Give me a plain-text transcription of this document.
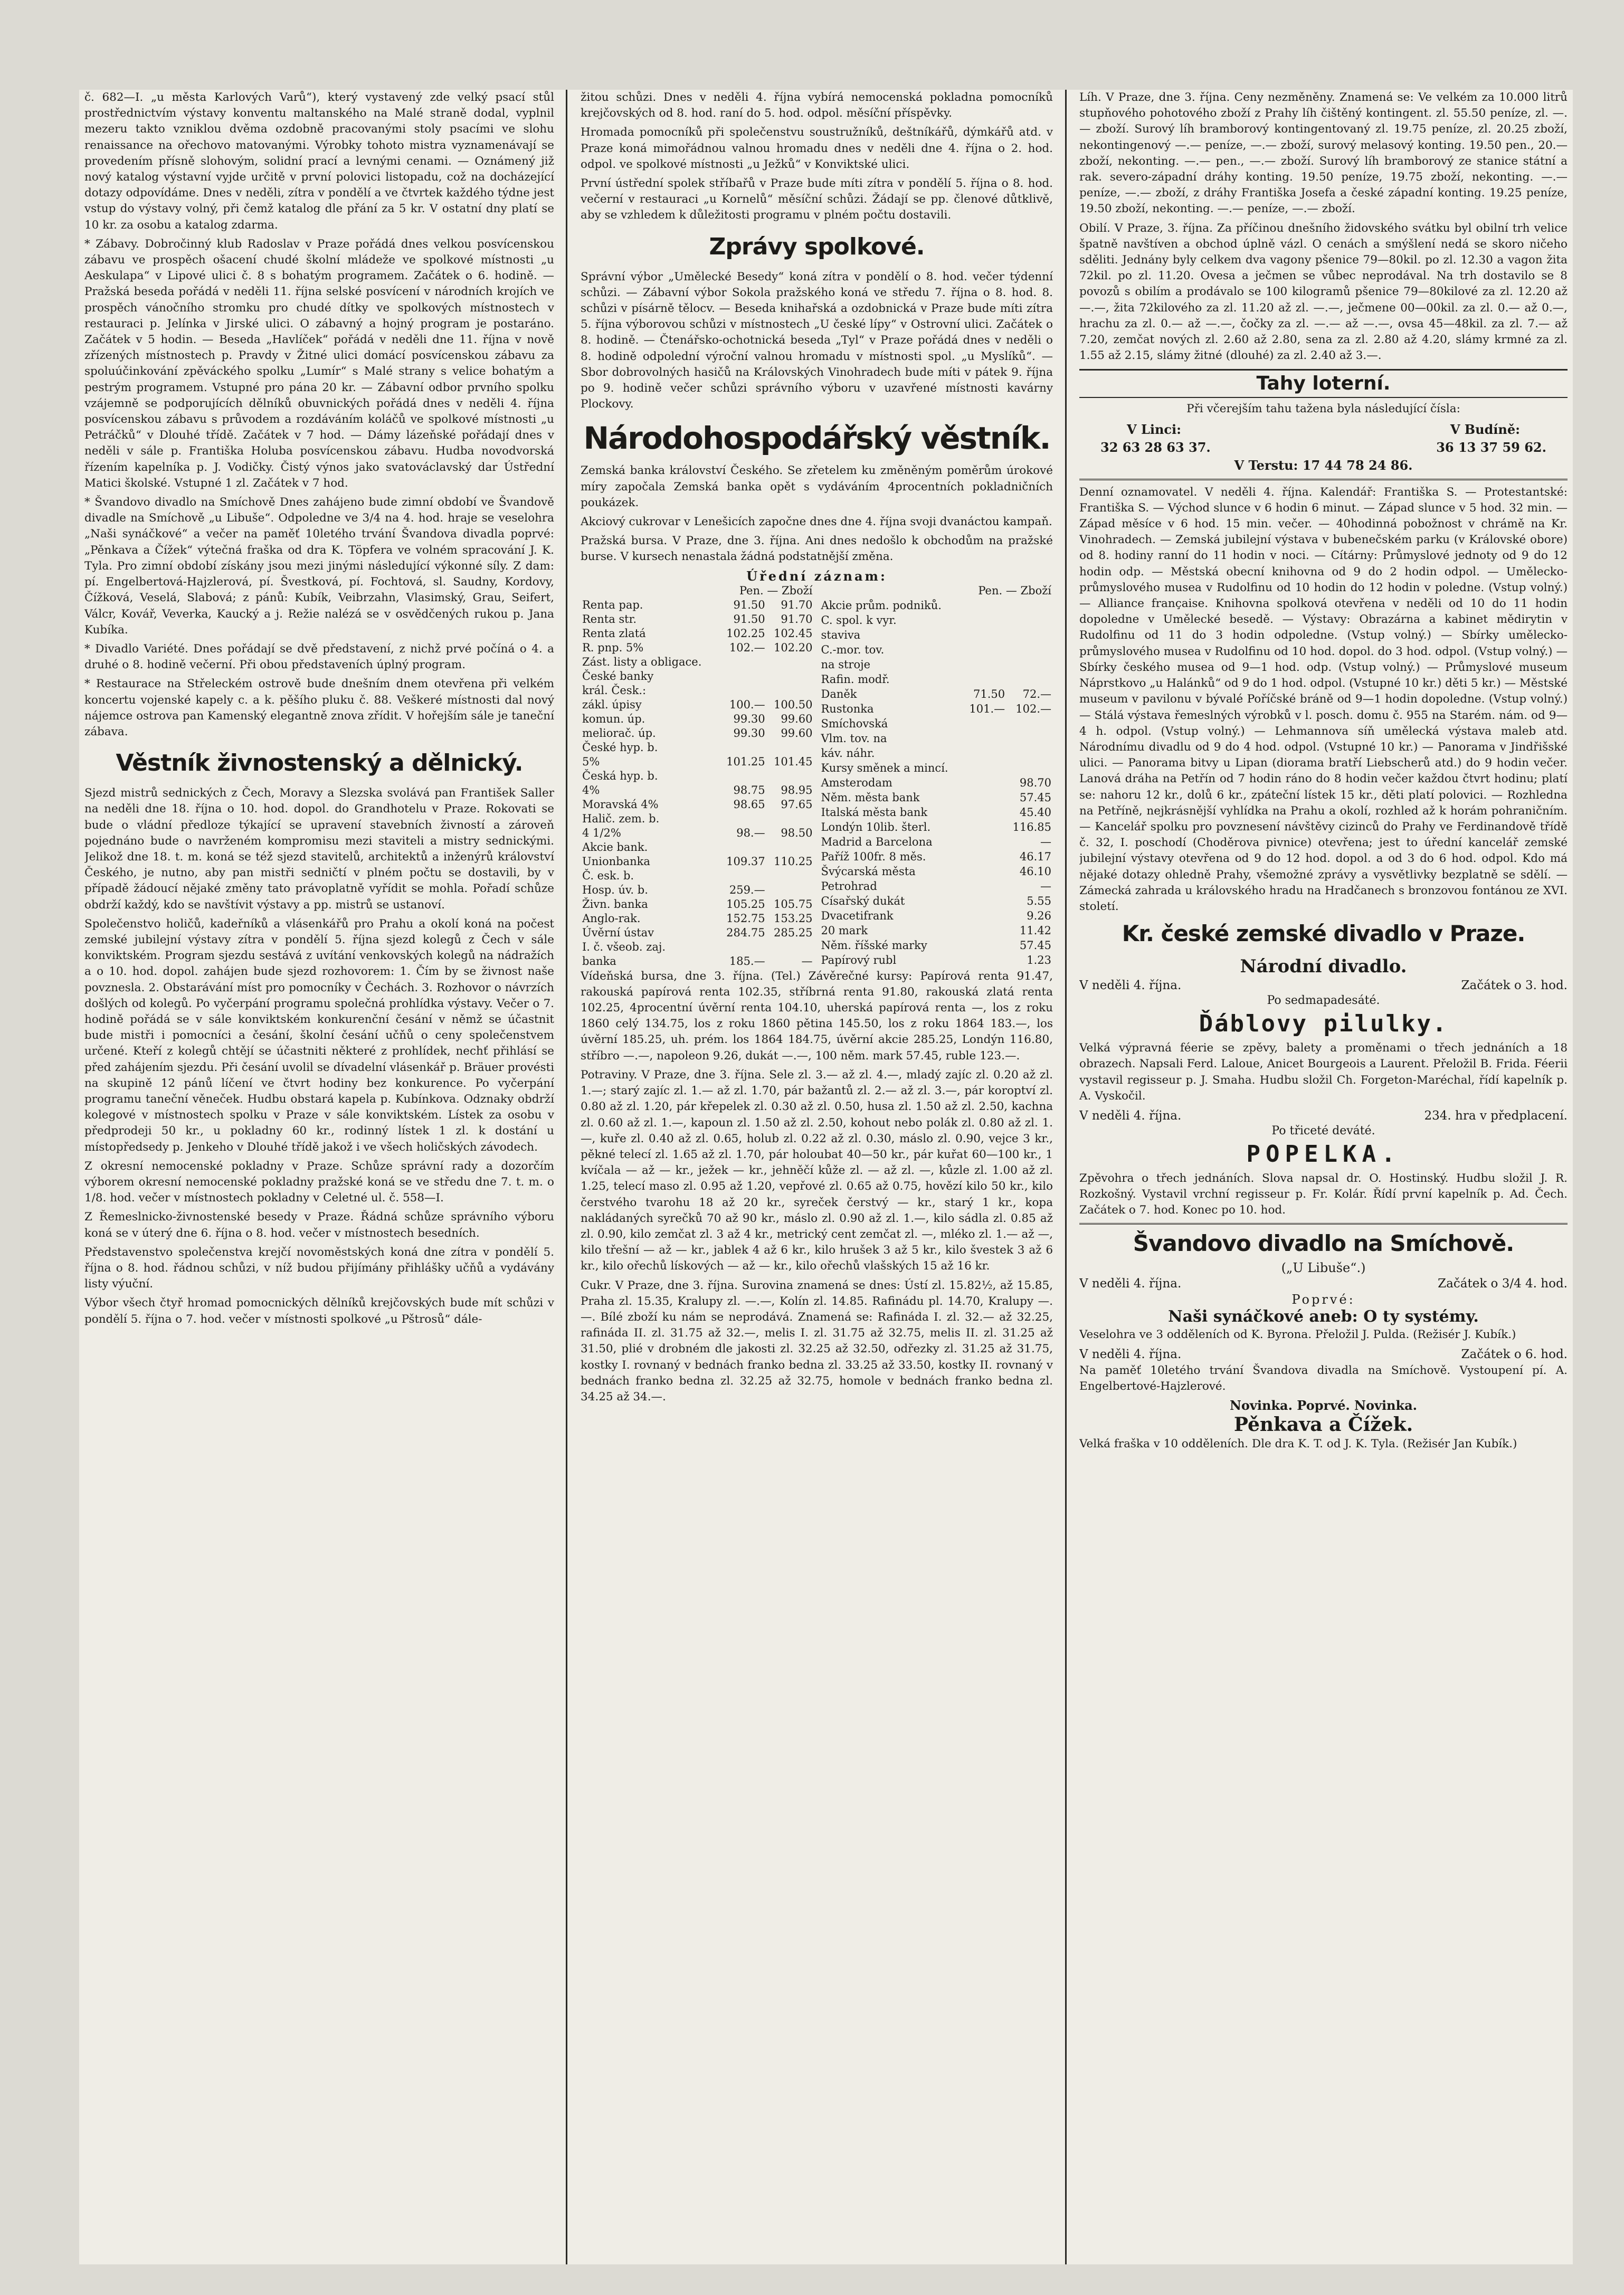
č. 682—I. „u města Karlových Varů“), který vystavený zde velký psací stůl prostřednictvím výstavy konventu maltanského na Malé straně dodal, vyplnil mezeru takto vzniklou dvěma ozdobně pracovanými stoly psacími ve slohu renaissance na ořechovo matovanými. Výrobky tohoto mistra vyznamenávají se provedením přísně slohovým, solidní prací a levnými cenami. — Oznámený již nový katalog výstavní vyjde určitě v první polovici listopadu, což na docházející dotazy odpovídáme. Dnes v neděli, zítra v pondělí a ve čtvrtek každého týdne jest vstup do výstavy volný, při čemž katalog dle přání za 5 kr. V ostatní dny platí se 10 kr. za osobu a katalog zdarma.

* Zábavy. Dobročinný klub Radoslav v Praze pořádá dnes velkou posvícenskou zábavu ve prospěch ošacení chudé školní mládeže ve spolkové místnosti „u Aeskulapa“ v Lipové ulici č. 8 s bohatým programem. Začátek o 6. hodině. — Pražská beseda pořádá v neděli 11. října selské posvícení v národních krojích ve prospěch vánočního stromku pro chudé dítky ve spolkových místnostech v restauraci p. Jelínka v Jirské ulici. O zábavný a hojný program je postaráno. Začátek v 5 hodin. — Beseda „Havlíček“ pořádá v neděli dne 11. října v nově zřízených místnostech p. Pravdy v Žitné ulici domácí posvícenskou zábavu za spoluúčinkování zpěváckého spolku „Lumír“ s Malé strany s velice bohatým a pestrým programem. Vstupné pro pána 20 kr. — Zábavní odbor prvního spolku vzájemně se podporujících dělníků obuvnických pořádá dnes v neděli 4. října posvícenskou zábavu s průvodem a rozdáváním koláčů ve spolkové místnosti „u Petráčků“ v Dlouhé třídě. Začátek v 7 hod. — Dámy lázeňské pořádají dnes v neděli v sále p. Františka Holuba posvícenskou zábavu. Hudba novodvorská řízením kapelníka p. J. Vodičky. Čistý výnos jako svatováclavský dar Ústřední Matici školské. Vstupné 1 zl. Začátek v 7 hod.

* Švandovo divadlo na Smíchově Dnes zahájeno bude zimní období ve Švandově divadle na Smíchově „u Libuše“. Odpoledne ve 3/4 na 4. hod. hraje se veselohra „Naši synáčkové“ a večer na paměť 10letého trvání Švandova divadla poprvé: „Pěnkava a Čížek“ výtečná fraška od dra K. Töpfera ve volném spracování J. K. Tyla. Pro zimní období získány jsou mezi jinými následující výkonné síly. Z dam: pí. Engelbertová-Hajzlerová, pí. Švestková, pí. Fochtová, sl. Saudny, Kordovy, Čížková, Veselá, Slabová; z pánů: Kubík, Veibrzahn, Vlasimský, Grau, Seifert, Válcr, Kovář, Veverka, Kaucký a j. Režie nalézá se v osvědčených rukou p. Jana Kubíka.

* Divadlo Variété. Dnes pořádají se dvě představení, z nichž prvé počíná o 4. a druhé o 8. hodině večerní. Při obou představeních úplný program.

* Restaurace na Střeleckém ostrově bude dnešním dnem otevřena při velkém koncertu vojenské kapely c. a k. pěšího pluku č. 88. Veškeré místnosti dal nový nájemce ostrova pan Kamenský elegantně znova zřídit. V hořejším sále je taneční zábava.

Věstník živnostenský a dělnický.

Sjezd mistrů sednických z Čech, Moravy a Slezska svolává pan František Saller na neděli dne 18. října o 10. hod. dopol. do Grandhotelu v Praze. Rokovati se bude o vládní předloze týkající se upravení stavebních živností a zároveň pojednáno bude o navrženém kompromisu mezi staviteli a mistry sednickými. Jelikož dne 18. t. m. koná se též sjezd stavitelů, architektů a inženýrů království Českého, je nutno, aby pan mistři sedničtí v plném počtu se dostavili, by v případě žádoucí nějaké změny tato právoplatně vyřídit se mohla. Pořadí schůze obdrží každý, kdo se navštívit výstavy a pp. mistrů se ustanoví.

Společenstvo holičů, kadeřníků a vlásenkářů pro Prahu a okolí koná na počest zemské jubilejní výstavy zítra v pondělí 5. října sjezd kolegů z Čech v sále konviktském. Program sjezdu sestává z uvítání venkovských kolegů na nádražích a o 10. hod. dopol. zahájen bude sjezd rozhovorem: 1. Čím by se živnost naše povznesla. 2. Obstarávání míst pro pomocníky v Čechách. 3. Rozhovor o návrzích došlých od kolegů. Po vyčerpání programu společná prohlídka výstavy. Večer o 7. hodině pořádá se v sále konviktském konkurenční česání v němž se účastnit bude mistři i pomocníci a česání, školní česání učňů o ceny společenstvem určené. Kteří z kolegů chtějí se účastniti některé z prohlídek, nechť přihlásí se před zahájením sjezdu. Při česání uvolil se dívadelní vlásenkář p. Bräuer provésti na skupině 12 pánů líčení ve čtvrt hodiny bez konkurence. Po vyčerpání programu taneční věneček. Hudbu obstará kapela p. Kubínkova. Odznaky obdrží kolegové v místnostech spolku v Praze v sále konviktském. Lístek za osobu v předprodeji 50 kr., u pokladny 60 kr., rodinný lístek 1 zl. k dostání u místopředsedy p. Jenkeho v Dlouhé třídě jakož i ve všech holičských závodech.

Z okresní nemocenské pokladny v Praze. Schůze správní rady a dozorčím výborem okresní nemocenské pokladny pražské koná se ve středu dne 7. t. m. o 1/8. hod. večer v místnostech pokladny v Celetné ul. č. 558—I.

Z Řemeslnicko-živnostenské besedy v Praze. Řádná schůze správního výboru koná se v úterý dne 6. října o 8. hod. večer v místnostech besedních.

Představenstvo společenstva krejčí novoměstských koná dne zítra v pondělí 5. října o 8. hod. řádnou schůzi, v níž budou přijímány přihlášky učňů a vydávány listy výuční.

Výbor všech čtyř hromad pomocnických dělníků krejčovských bude mít schůzi v pondělí 5. října o 7. hod. večer v místnosti spolkové „u Pštrosů“ dále-

žitou schůzi. Dnes v neděli 4. října vybírá nemocenská pokladna pomocníků krejčovských od 8. hod. raní do 5. hod. odpol. měsíční příspěvky.

Hromada pomocníků při společenstvu soustružníků, deštníkářů, dýmkářů atd. v Praze koná mimořádnou valnou hromadu dnes v neděli dne 4. října o 2. hod. odpol. ve spolkové místnosti „u Ježků“ v Konviktské ulici.

První ústřední spolek stříbařů v Praze bude míti zítra v pondělí 5. října o 8. hod. večerní v restauraci „u Kornelů“ měsíční schůzi. Žádají se pp. členové důtklivě, aby se vzhledem k důležitosti programu v plném počtu dostavili.

Zprávy spolkové.

Správní výbor „Umělecké Besedy“ koná zítra v pondělí o 8. hod. večer týdenní schůzi. — Zábavní výbor Sokola pražského koná ve středu 7. října o 8. hod. 8. schůzi v písárně tělocv. — Beseda knihařská a ozdobnická v Praze bude míti zítra 5. října výborovou schůzi v místnostech „U české lípy“ v Ostrovní ulici. Začátek o 8. hodině. — Čtenářsko-ochotnická beseda „Tyl“ v Praze pořádá dnes v neděli o 8. hodině odpolední výroční valnou hromadu v místnosti spol. „u Myslíků“. — Sbor dobrovolných hasičů na Královských Vinohradech bude míti v pátek 9. října po 9. hodině večer schůzi správního výboru v uzavřené místnosti kavárny Plockovy.

Národohospodářský věstník.

Zemská banka království Českého. Se zřetelem ku změněným poměrům úrokové míry započala Zemská banka opět s vydáváním 4procentních pokladničních poukázek.

Akciový cukrovar v Lenešicích započne dnes dne 4. října svoji dvanáctou kampaň.

Pražská bursa. V Praze, dne 3. října. Ani dnes nedošlo k obchodům na pražské burse. V kursech nenastala žádná podstatnější změna.

Úřední záznam:
	Pen. — Zboží	
Renta pap.	91.50	91.70
Renta str.	91.50	91.70
Renta zlatá	102.25	102.45
R. pnp. 5%	102.—	102.20
Zást. listy a obligace.		
České banky		
král. Česk.:		
zákl. úpisy	100.—	100.50
komun. úp.	99.30	99.60
meliorač. úp.	99.30	99.60
České hyp. b.		
5%	101.25	101.45
Česká hyp. b.		
4%	98.75	98.95
Moravská 4%	98.65	97.65
Halič. zem. b.		
4 1/2%	98.—	98.50
Akcie bank.		
Unionbanka	109.37	110.25
Č. esk. b.		
Hosp. úv. b.	259.—	
Živn. banka	105.25	105.75
Anglo-rak.	152.75	153.25
Úvěrní ústav	284.75	285.25
I. č. všeob. zaj.		
banka	185.—	—
	Pen. — Zboží	
Akcie prům. podniků.		
C. spol. k vyr.		
stavivа		
C.-mor. tov.		
na stroje		
Rafin. modř.		
Daněk	71.50	72.—
Rustonka	101.—	102.—
Smíchovská		
Vlm. tov. na		
káv. náhr.		
Kursy směnek a mincí.		
Amsterodam		98.70
Něm. města bank		57.45
Italská města bank		45.40
Londýn 10lib. šterl.		116.85
Madrid a Barcelona		—
Paříž 100fr. 8 měs.		46.17
Švýcarská města		46.10
Petrohrad		—
Císařský dukát		5.55
Dvacetifrank		9.26
20 mark		11.42
Něm. říšské marky		57.45
Papírový rubl		1.23

Vídeňská bursa, dne 3. října. (Tel.) Závěrečné kursy: Papírová renta 91.47, rakouská papírová renta 102.35, stříbrná renta 91.80, rakouská zlatá renta 102.25, 4procentní úvěrní renta 104.10, uherská papírová renta —, los z roku 1860 celý 134.75, los z roku 1860 pětina 145.50, los z roku 1864 183.—, los úvěrní 185.25, uh. prém. los 1864 184.75, úvěrní akcie 285.25, Londýn 116.80, stříbro —.—, napoleon 9.26, dukát —.—, 100 něm. mark 57.45, ruble 123.—.

Potraviny. V Praze, dne 3. října. Sele zl. 3.— až zl. 4.—, mladý zajíc zl. 0.20 až zl. 1.—; starý zajíc zl. 1.— až zl. 1.70, pár bažantů zl. 2.— až zl. 3.—, pár koroptví zl. 0.80 až zl. 1.20, pár křepelek zl. 0.30 až zl. 0.50, husa zl. 1.50 až zl. 2.50, kachna zl. 0.60 až zl. 1.—, kapoun zl. 1.50 až zl. 2.50, kohout nebo polák zl. 0.80 až zl. 1.—, kuře zl. 0.40 až zl. 0.65, holub zl. 0.22 až zl. 0.30, máslo zl. 0.90, vejce 3 kr., pěkné telecí zl. 1.65 až zl. 1.70, pár holoubat 40—50 kr., pár kuřat 60—100 kr., 1 kvíčala — až — kr., ježek — kr., jehněčí kůže zl. — až zl. —, kůzle zl. 1.00 až zl. 1.25, telecí maso zl. 0.95 až 1.20, vepřové zl. 0.65 až 0.75, hovězí kilo 50 kr., kilo čerstvého tvarohu 18 až 20 kr., syreček čerstvý — kr., starý 1 kr., kopa nakládaných syrečků 70 až 90 kr., máslo zl. 0.90 až zl. 1.—, kilo sádla zl. 0.85 až zl. 0.90, kilo zemčat zl. 3 až 4 kr., metrický cent zemčat zl. —, mléko zl. 1.— až —, kilo třešní — až — kr., jablek 4 až 6 kr., kilo hrušek 3 až 5 kr., kilo švestek 3 až 6 kr., kilo ořechů lískových — až — kr., kilo ořechů vlašských 15 až 16 kr.

Cukr. V Praze, dne 3. října. Surovina znamená se dnes: Ústí zl. 15.82½, až 15.85, Praha zl. 15.35, Kralupy zl. —.—, Kolín zl. 14.85. Rafinádu pl. 14.70, Kralupy —.—. Bílé zboží ku nám se neprodává. Znamená se: Rafináda I. zl. 32.— až 32.25, rafináda II. zl. 31.75 až 32.—, melis I. zl. 31.75 až 32.75, melis II. zl. 31.25 až 31.50, plié v drobném dle jakosti zl. 32.25 až 32.50, odřezky zl. 31.25 až 31.75, kostky I. rovnaný v bednách franko bedna zl. 33.25 až 33.50, kostky II. rovnaný v bednách franko bedna zl. 32.25 až 32.75, homole v bednách franko bedna zl. 34.25 až 34.—.

Líh. V Praze, dne 3. října. Ceny nezměněny. Znamená se: Ve velkém za 10.000 litrů stupňového pohotového zboží z Prahy líh čištěný kontingent. zl. 55.50 peníze, zl. —.— zboží. Surový líh bramborový kontingentovaný zl. 19.75 peníze, zl. 20.25 zboží, nekontingenový —.— peníze, —.— zboží, surový melasový konting. 19.50 pen., 20.— zboží, nekonting. —.— pen., —.— zboží. Surový líh bramborový ze stanice státní a rak. severo-západní dráhy konting. 19.50 peníze, 19.75 zboží, nekonting. —.— peníze, —.— zboží, z dráhy Františka Josefa a české západní konting. 19.25 peníze, 19.50 zboží, nekonting. —.— peníze, —.— zboží.

Obilí. V Praze, 3. října. Za příčinou dnešního židovského svátku byl obilní trh velice špatně navštíven a obchod úplně vázl. O cenách a smýšlení nedá se skoro ničeho sděliti. Jednány byly celkem dva vagony pšenice 79—80kil. po zl. 12.30 a vagon žita 72kil. po zl. 11.20. Ovesa a ječmen se vůbec neprodával. Na trh dostavilo se 8 povozů s obilím a prodávalo se 100 kilogramů pšenice 79—80kilové za zl. 12.20 až —.—, žita 72kilového za zl. 11.20 až zl. —.—, ječmene 00—00kil. za zl. 0.— až 0.—, hrachu za zl. 0.— až —.—, čočky za zl. —.— až —.—, ovsa 45—48kil. za zl. 7.— až 7.20, zemčat nových zl. 2.60 až 2.80, sena za zl. 2.80 až 4.20, slámy krmné za zl. 1.55 až 2.15, slámy žitné (dlouhé) za zl. 2.40 až 3.—.

Tahy loterní.

Při včerejším tahu tažena byla následující čísla:

V Linci:	V Budíně:
32 63 28 63 37.	36 13 37 59 62.
V Terstu: 17 44 78 24 86.

Denní oznamovatel. V neděli 4. října. Kalendář: Františka S. — Protestantské: Františka S. — Východ slunce v 6 hodin 6 minut. — Západ slunce v 5 hod. 32 min. — Západ měsíce v 6 hod. 15 min. večer. — 40hodinná pobožnost v chrámě na Kr. Vinohradech. — Zemská jubilejní výstava v bubenečském parku (v Královské obore) od 8. hodiny ranní do 11 hodin v noci. — Cítárny: Průmyslové jednoty od 9 do 12 hodin odp. — Městská obecní knihovna od 9 do 2 hodin odpol. — Umělecko-průmyslového musea v Rudolfinu od 10 hodin do 12 hodin v poledne. (Vstup volný.) — Alliance française. Knihovna spolková otevřena v neděli od 10 do 11 hodin dopoledne v Umělecké besedě. — Výstavy: Obrazárna a kabinet mědirytin v Rudolfinu od 11 do 3 hodin odpoledne. (Vstup volný.) — Sbírky umělecko-průmyslového musea v Rudolfinu od 10 hod. dopol. do 3 hod. odpol. (Vstup volný.) — Sbírky českého musea od 9—1 hod. odp. (Vstup volný.) — Průmyslové museum Náprstkovo „u Halánků“ od 9 do 1 hod. odpol. (Vstupné 10 kr.) děti 5 kr.) — Městské museum v pavilonu v bývalé Poříčské bráně od 9—1 hodin dopoledne. (Vstup volný.) — Stálá výstava řemeslných výrobků v l. posch. domu č. 955 na Starém. nám. od 9—4 h. odpol. (Vstup volný.) — Lehmannova síň umělecká výstava maleb atd. Národnímu divadlu od 9 do 4 hod. odpol. (Vstupné 10 kr.) — Panorama v Jindřišské ulici. — Panorama bitvy u Lipan (diorama bratří Liebscherů atd.) do 9 hodin večer. Lanová dráha na Petřín od 7 hodin ráno do 8 hodin večer každou čtvrt hodinu; platí se: nahoru 12 kr., dolů 6 kr., zpáteční lístek 15 kr., děti platí polovici. — Rozhledna na Petříně, nejkrásnější vyhlídka na Prahu a okolí, rozhled až k horám pohraničním. — Kancelář spolku pro povznesení návštěvy cizinců do Prahy ve Ferdinandově třídě č. 32, I. poschodí (Choděrova pivnice) otevřena; jest to úřední kancelář zemské jubilejní výstavy otevřena od 9 do 12 hod. dopol. a od 3 do 6 hod. odpol. Kdo má nějaké dotazy ohledně Prahy, všemožné zprávy a vysvětlivky bezplatně se sdělí. — Zámecká zahrada u královského hradu na Hradčanech s bronzovou fontánou ze XVI. století.

Kr. české zemské divadlo v Praze.
Národní divadlo.
V neděli 4. října.	Začátek o 3. hod.
Po sedmapadesáté.
Ďáblovy pilulky.

Velká výpravná féerie se zpěvy, balety a proměnami o třech jednáních a 18 obrazech. Napsali Ferd. Laloue, Anicet Bourgeois a Laurent. Přeložil B. Frida. Féerii vystavil regisseur p. J. Smaha. Hudbu složil Ch. Forgeton-Maréchal, řídí kapelník p. A. Vyskočil.

V neděli 4. října.	234. hra v předplacení.
Po třiceté deváté.
POPELKA.

Zpěvohra o třech jednáních. Slova napsal dr. O. Hostinský. Hudbu složil J. R. Rozkošný. Vystavil vrchní regisseur p. Fr. Kolár. Řídí první kapelník p. Ad. Čech. Začátek o 7. hod. Konec po 10. hod.

Švandovo divadlo na Smíchově.
(„U Libuše“.)
V neděli 4. října.	Začátek o 3/4 4. hod.
Poprvé:
Naši synáčkové aneb: O ty systémy.

Veselohra ve 3 odděleních od K. Byrona. Přeložil J. Pulda. (Režisér J. Kubík.)

V neděli 4. října.	Začátek o 6. hod.

Na paměť 10letého trvání Švandova divadla na Smíchově. Vystoupení pí. A. Engelbertové-Hajzlerové.

Novinka. Poprvé. Novinka.
Pěnkava a Čížek.

Velká fraška v 10 odděleních. Dle dra K. T. od J. K. Tyla. (Režisér Jan Kubík.)
